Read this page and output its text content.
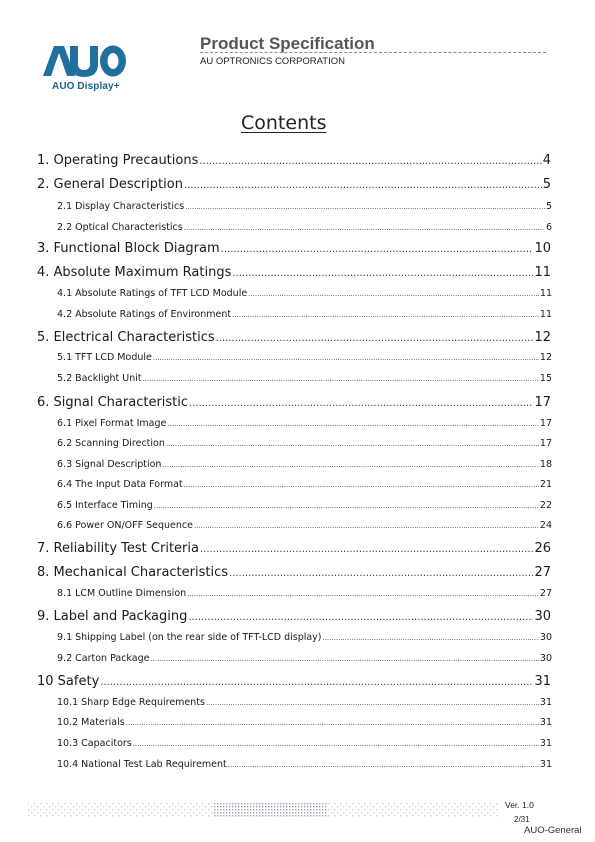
AUO Display+
Product Specification
AU OPTRONICS CORPORATION
Contents
1. Operating Precautions .....	4
2. General Description .....	5
2.1 Display Characteristics .....	5
2.2 Optical Characteristics .....	6
3. Functional Block Diagram .....	10
4. Absolute Maximum Ratings .....	11
4.1 Absolute Ratings of TFT LCD Module .....	11
4.2 Absolute Ratings of Environment .....	11
5. Electrical Characteristics .....	12
5.1 TFT LCD Module .....	12
5.2 Backlight Unit .....	15
6. Signal Characteristic .....	17
6.1 Pixel Format Image .....	17
6.2 Scanning Direction .....	17
6.3 Signal Description .....	18
6.4 The Input Data Format .....	21
6.5 Interface Timing .....	22
6.6 Power ON/OFF Sequence .....	24
7. Reliability Test Criteria .....	26
8. Mechanical Characteristics .....	27
8.1 LCM Outline Dimension .....	27
9. Label and Packaging .....	30
9.1 Shipping Label (on the rear side of TFT-LCD display) .....	30
9.2 Carton Package .....	30
10 Safety .....	31
10.1 Sharp Edge Requirements .....	31
10.2 Materials .....	31
10.3 Capacitors .....	31
10.4 National Test Lab Requirement .....	31
Ver. 1.0
2/31
AUO-General
